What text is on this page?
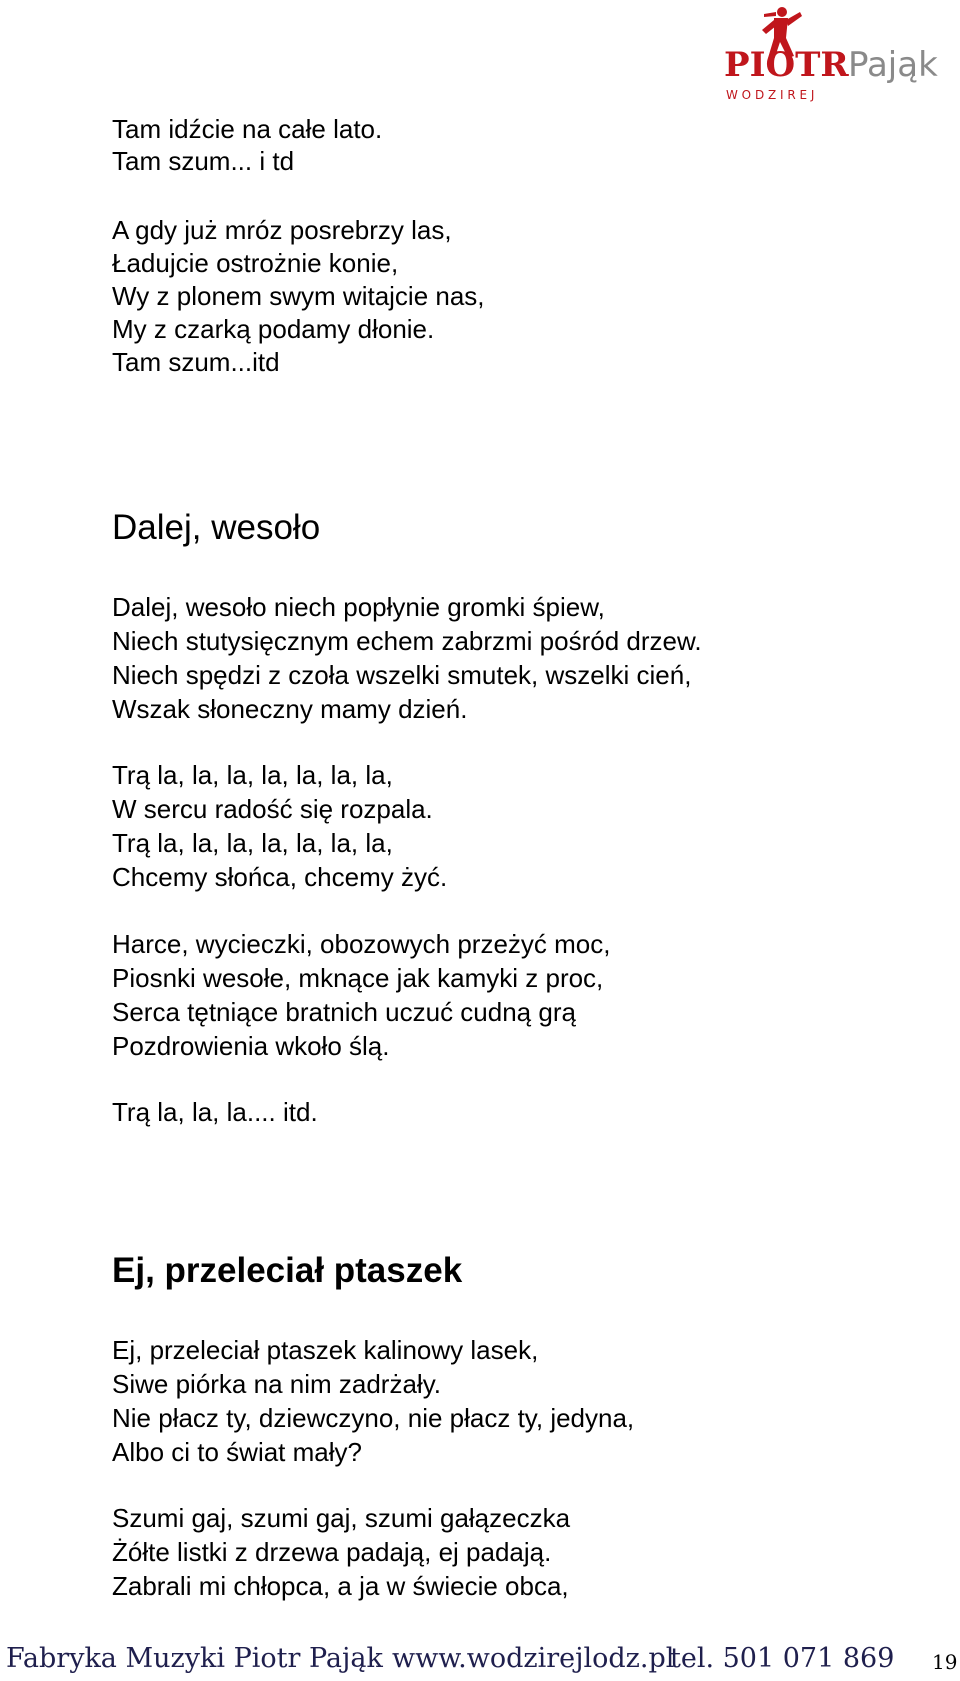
PIOTR Pająk
W O D Z I R E J
Tam idźcie na całe lato.
Tam szum... i td
A gdy już mróz posrebrzy las,
Ładujcie ostrożnie konie,
Wy z plonem swym witajcie nas,
My z czarką podamy dłonie.
Tam szum...itd
Dalej, wesoło
Dalej, wesoło niech popłynie gromki śpiew,
Niech stutysięcznym echem zabrzmi pośród drzew.
Niech spędzi z czoła wszelki smutek, wszelki cień,
Wszak słoneczny mamy dzień.
Trą la, la, la, la, la, la, la,
W sercu radość się rozpala.
Trą la, la, la, la, la, la, la,
Chcemy słońca, chcemy żyć.
Harce, wycieczki, obozowych przeżyć moc,
Piosnki wesołe, mknące jak kamyki z proc,
Serca tętniące bratnich uczuć cudną grą
Pozdrowienia wkoło ślą.
Trą la, la, la.... itd.
Ej, przeleciał ptaszek
Ej, przeleciał ptaszek kalinowy lasek,
Siwe piórka na nim zadrżały.
Nie płacz ty, dziewczyno, nie płacz ty, jedyna,
Albo ci to świat mały?
Szumi gaj, szumi gaj, szumi gałązeczka
Żółte listki z drzewa padają, ej padają.
Zabrali mi chłopca, a ja w świecie obca,
Fabryka Muzyki Piotr Pająk www.wodzirejlodz.pl
tel. 501 071 869 19
